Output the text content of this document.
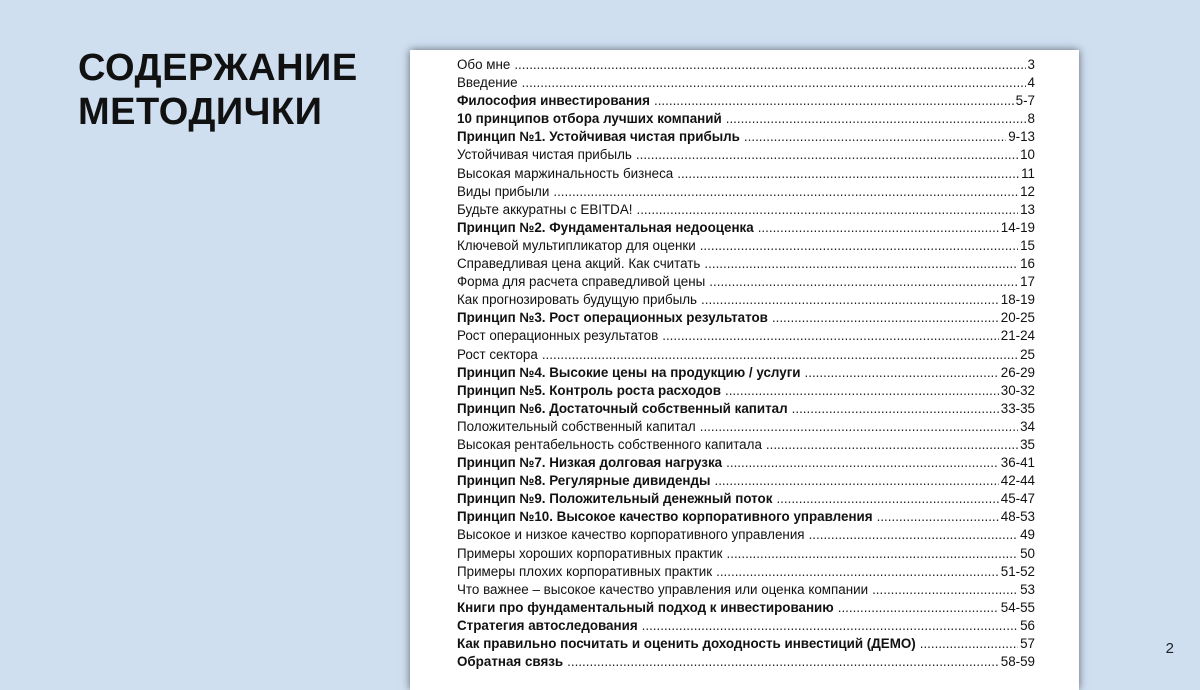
СОДЕРЖАНИЕ
МЕТОДИЧКИ
Обо мне .....	3
Введение .....	4
Философия инвестирования .....	5-7
10 принципов отбора лучших компаний .....	8
Принцип №1. Устойчивая чистая прибыль .....	9-13
Устойчивая чистая прибыль .....	10
Высокая маржинальность бизнеса .....	11
Виды прибыли .....	12
Будьте аккуратны с EBITDA! .....	13
Принцип №2. Фундаментальная недооценка .....	14-19
Ключевой мультипликатор для оценки .....	15
Справедливая цена акций. Как считать .....	16
Форма для расчета справедливой цены .....	17
Как прогнозировать будущую прибыль .....	18-19
Принцип №3. Рост операционных результатов .....	20-25
Рост операционных результатов .....	21-24
Рост сектора .....	25
Принцип №4. Высокие цены на продукцию / услуги .....	26-29
Принцип №5. Контроль роста расходов .....	30-32
Принцип №6. Достаточный собственный капитал .....	33-35
Положительный собственный капитал .....	34
Высокая рентабельность собственного капитала .....	35
Принцип №7. Низкая долговая нагрузка .....	36-41
Принцип №8. Регулярные дивиденды .....	42-44
Принцип №9. Положительный денежный поток .....	45-47
Принцип №10. Высокое качество корпоративного управления .....	48-53
Высокое и низкое качество корпоративного управления .....	49
Примеры хороших корпоративных практик .....	50
Примеры плохих корпоративных практик .....	51-52
Что важнее – высокое качество управления или оценка компании .....	53
Книги про фундаментальный подход к инвестированию .....	54-55
Стратегия автоследования .....	56
Как правильно посчитать и оценить доходность инвестиций (ДЕМО) .....	57
Обратная связь .....	58-59
2
